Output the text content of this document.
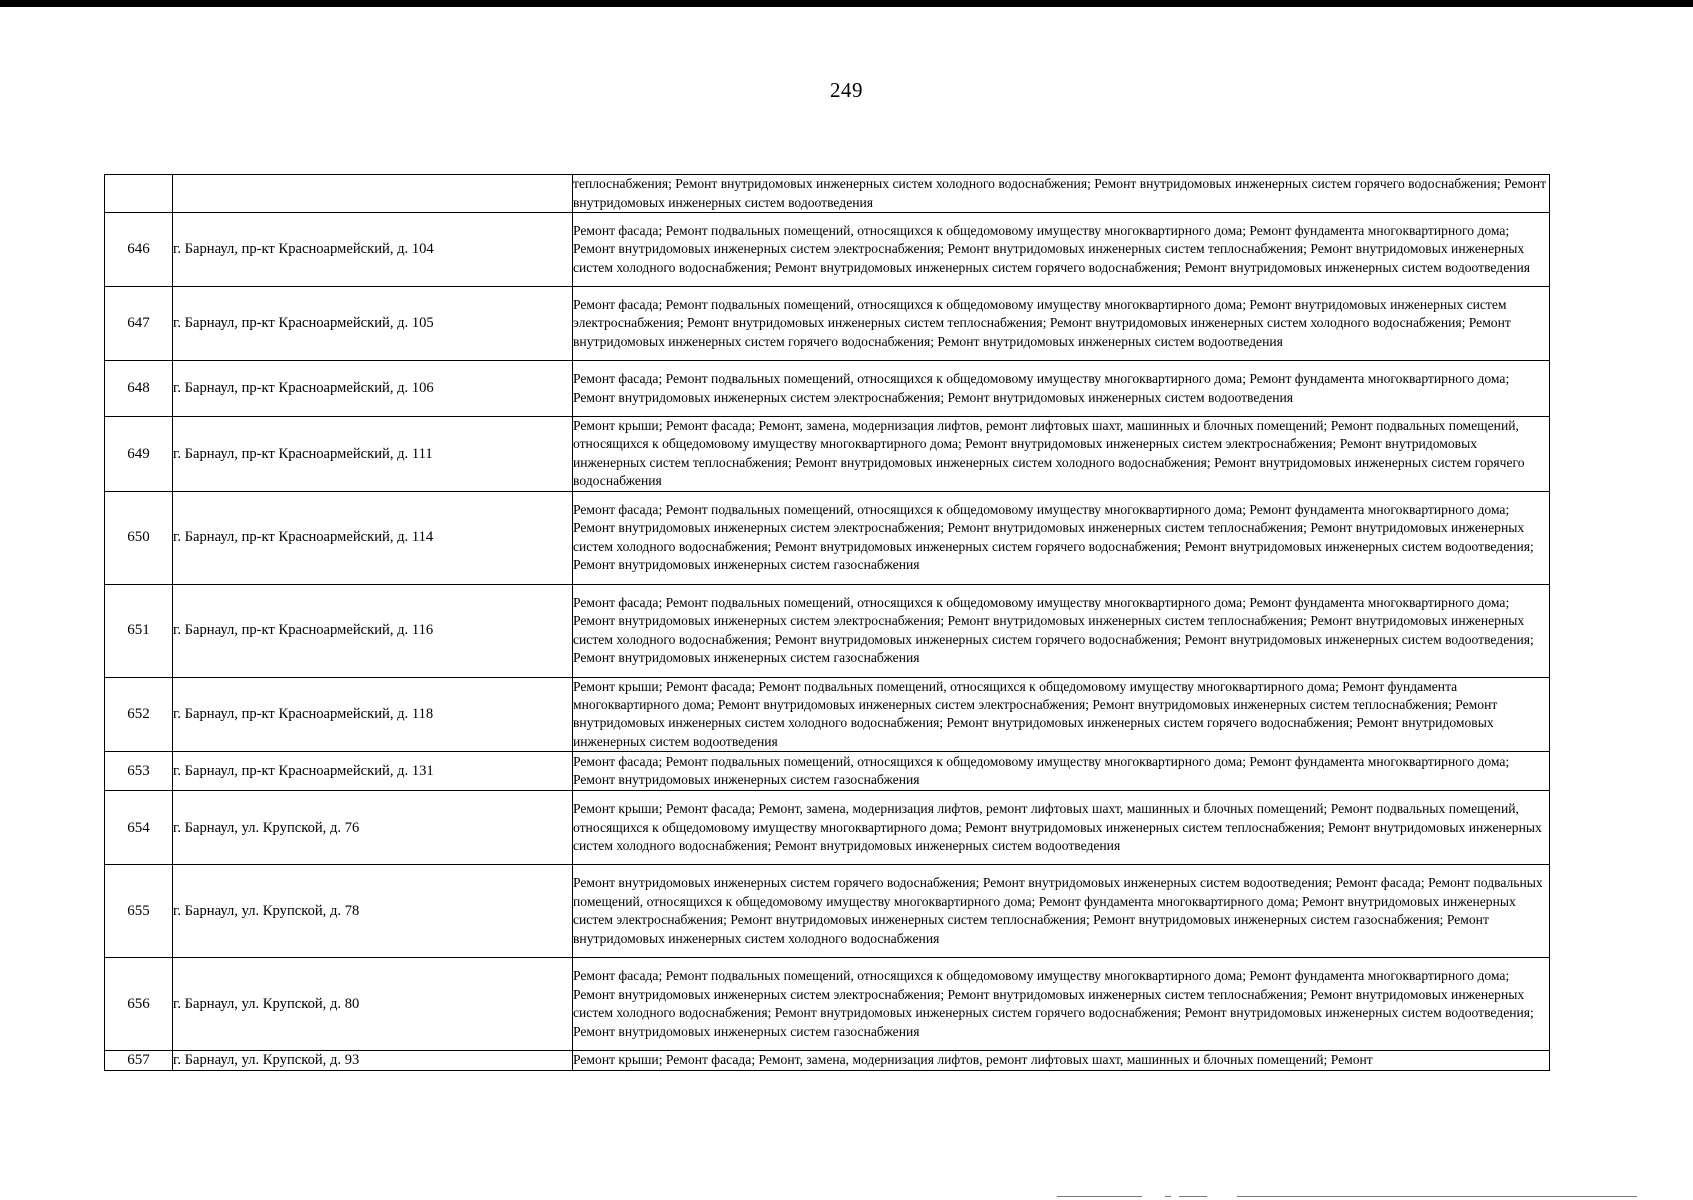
249
		теплоснабжения; Ремонт внутридомовых инженерных систем холодного водоснабжения; Ремонт внутридомовых инженерных систем горячего водоснабжения; Ремонт внутридомовых инженерных систем водоотведения
646	г. Барнаул, пр-кт Красноармейский, д. 104	Ремонт фасада; Ремонт подвальных помещений, относящихся к общедомовому имуществу многоквартирного дома; Ремонт фундамента многоквартирного дома; Ремонт внутридомовых инженерных систем электроснабжения; Ремонт внутридомовых инженерных систем теплоснабжения; Ремонт внутридомовых инженерных систем холодного водоснабжения; Ремонт внутридомовых инженерных систем горячего водоснабжения; Ремонт внутридомовых инженерных систем водоотведения
647	г. Барнаул, пр-кт Красноармейский, д. 105	Ремонт фасада; Ремонт подвальных помещений, относящихся к общедомовому имуществу многоквартирного дома; Ремонт внутридомовых инженерных систем электроснабжения; Ремонт внутридомовых инженерных систем теплоснабжения; Ремонт внутридомовых инженерных систем холодного водоснабжения; Ремонт внутридомовых инженерных систем горячего водоснабжения; Ремонт внутридомовых инженерных систем водоотведения
648	г. Барнаул, пр-кт Красноармейский, д. 106	Ремонт фасада; Ремонт подвальных помещений, относящихся к общедомовому имуществу многоквартирного дома; Ремонт фундамента многоквартирного дома; Ремонт внутридомовых инженерных систем электроснабжения; Ремонт внутридомовых инженерных систем водоотведения
649	г. Барнаул, пр-кт Красноармейский, д. 111	Ремонт крыши; Ремонт фасада; Ремонт, замена, модернизация лифтов, ремонт лифтовых шахт, машинных и блочных помещений; Ремонт подвальных помещений, относящихся к общедомовому имуществу многоквартирного дома; Ремонт внутридомовых инженерных систем электроснабжения; Ремонт внутридомовых инженерных систем теплоснабжения; Ремонт внутридомовых инженерных систем холодного водоснабжения; Ремонт внутридомовых инженерных систем горячего водоснабжения
650	г. Барнаул, пр-кт Красноармейский, д. 114	Ремонт фасада; Ремонт подвальных помещений, относящихся к общедомовому имуществу многоквартирного дома; Ремонт фундамента многоквартирного дома; Ремонт внутридомовых инженерных систем электроснабжения; Ремонт внутридомовых инженерных систем теплоснабжения; Ремонт внутридомовых инженерных систем холодного водоснабжения; Ремонт внутридомовых инженерных систем горячего водоснабжения; Ремонт внутридомовых инженерных систем водоотведения; Ремонт внутридомовых инженерных систем газоснабжения
651	г. Барнаул, пр-кт Красноармейский, д. 116	Ремонт фасада; Ремонт подвальных помещений, относящихся к общедомовому имуществу многоквартирного дома; Ремонт фундамента многоквартирного дома; Ремонт внутридомовых инженерных систем электроснабжения; Ремонт внутридомовых инженерных систем теплоснабжения; Ремонт внутридомовых инженерных систем холодного водоснабжения; Ремонт внутридомовых инженерных систем горячего водоснабжения; Ремонт внутридомовых инженерных систем водоотведения; Ремонт внутридомовых инженерных систем газоснабжения
652	г. Барнаул, пр-кт Красноармейский, д. 118	Ремонт крыши; Ремонт фасада; Ремонт подвальных помещений, относящихся к общедомовому имуществу многоквартирного дома; Ремонт фундамента многоквартирного дома; Ремонт внутридомовых инженерных систем электроснабжения; Ремонт внутридомовых инженерных систем теплоснабжения; Ремонт внутридомовых инженерных систем холодного водоснабжения; Ремонт внутридомовых инженерных систем горячего водоснабжения; Ремонт внутридомовых инженерных систем водоотведения
653	г. Барнаул, пр-кт Красноармейский, д. 131	Ремонт фасада; Ремонт подвальных помещений, относящихся к общедомовому имуществу многоквартирного дома; Ремонт фундамента многоквартирного дома; Ремонт внутридомовых инженерных систем газоснабжения
654	г. Барнаул, ул. Крупской, д. 76	Ремонт крыши; Ремонт фасада; Ремонт, замена, модернизация лифтов, ремонт лифтовых шахт, машинных и блочных помещений; Ремонт подвальных помещений, относящихся к общедомовому имуществу многоквартирного дома; Ремонт внутридомовых инженерных систем теплоснабжения; Ремонт внутридомовых инженерных систем холодного водоснабжения; Ремонт внутридомовых инженерных систем водоотведения
655	г. Барнаул, ул. Крупской, д. 78	Ремонт внутридомовых инженерных систем горячего водоснабжения; Ремонт внутридомовых инженерных систем водоотведения; Ремонт фасада; Ремонт подвальных помещений, относящихся к общедомовому имуществу многоквартирного дома; Ремонт фундамента многоквартирного дома; Ремонт внутридомовых инженерных систем электроснабжения; Ремонт внутридомовых инженерных систем теплоснабжения; Ремонт внутридомовых инженерных систем газоснабжения; Ремонт внутридомовых инженерных систем холодного водоснабжения
656	г. Барнаул, ул. Крупской, д. 80	Ремонт фасада; Ремонт подвальных помещений, относящихся к общедомовому имуществу многоквартирного дома; Ремонт фундамента многоквартирного дома; Ремонт внутридомовых инженерных систем электроснабжения; Ремонт внутридомовых инженерных систем теплоснабжения; Ремонт внутридомовых инженерных систем холодного водоснабжения; Ремонт внутридомовых инженерных систем горячего водоснабжения; Ремонт внутридомовых инженерных систем водоотведения; Ремонт внутридомовых инженерных систем газоснабжения
657	г. Барнаул, ул. Крупской, д. 93	Ремонт крыши; Ремонт фасада; Ремонт, замена, модернизация лифтов, ремонт лифтовых шахт, машинных и блочных помещений; Ремонт
